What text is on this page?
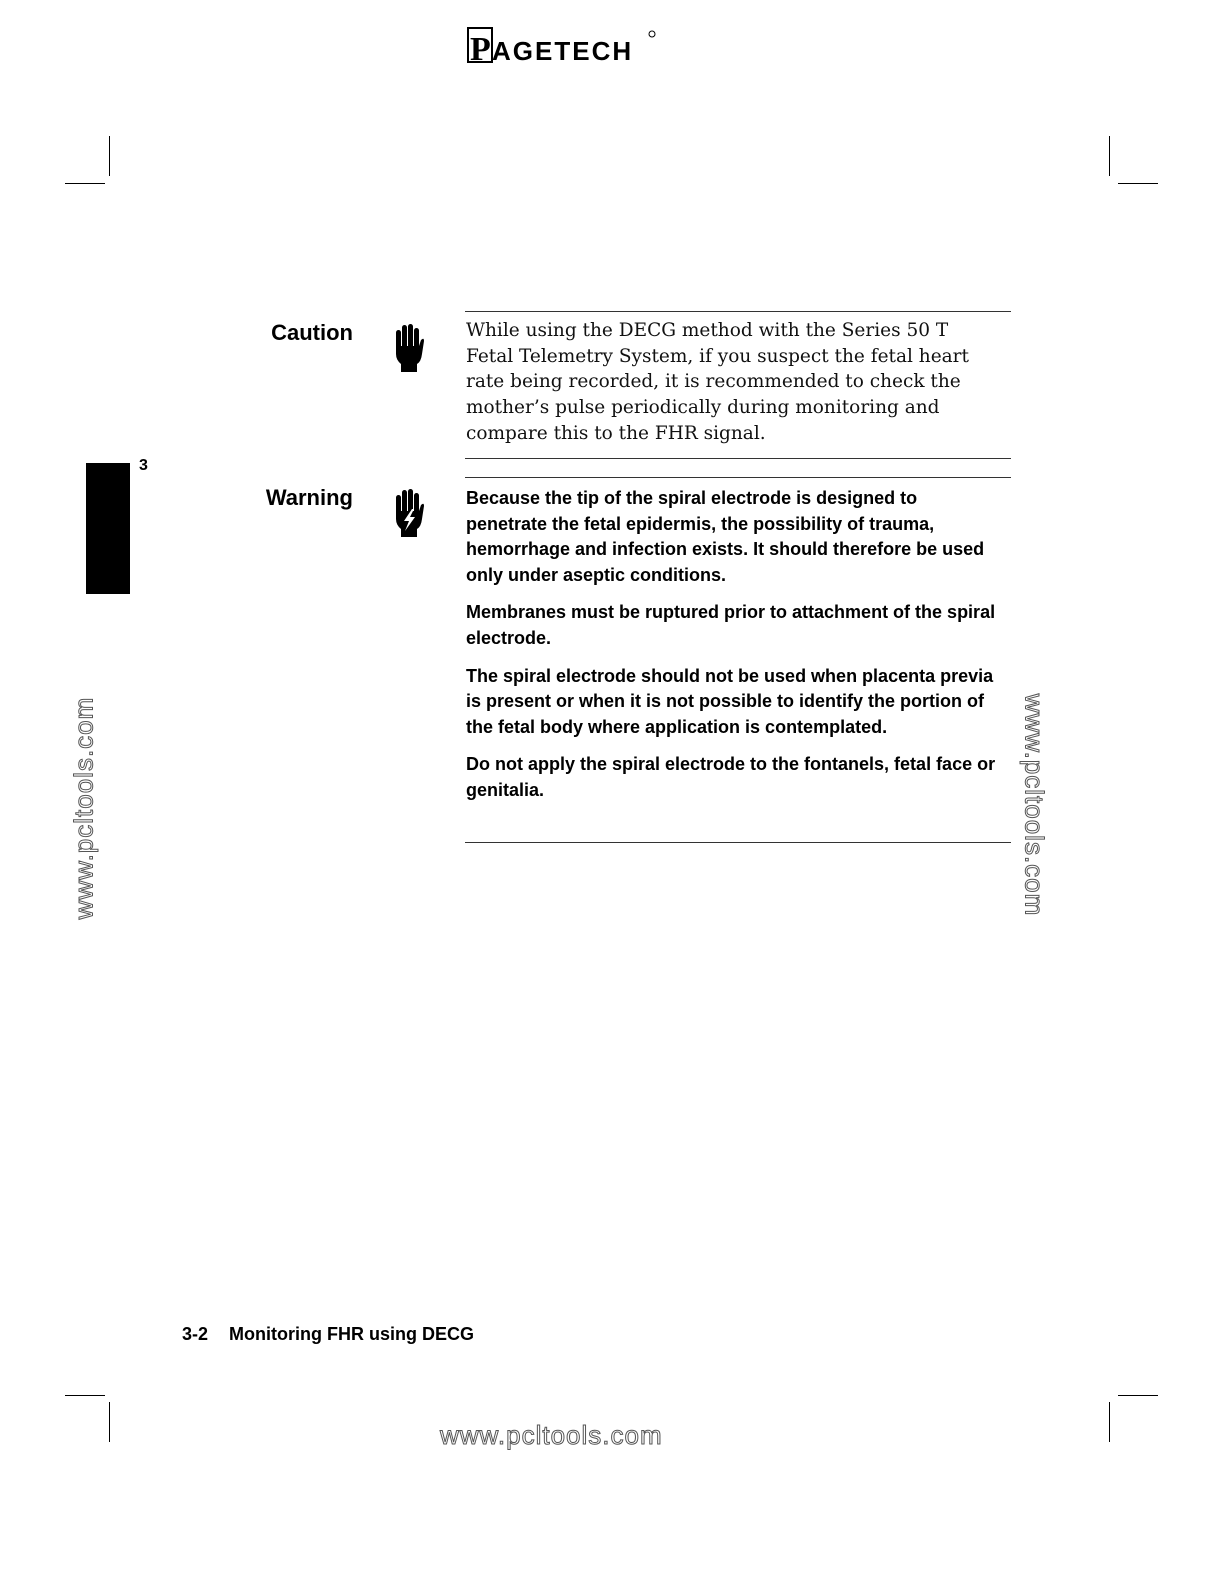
P AGETECH
3
Caution	While using the DECG method with the Series 50 T Fetal Telemetry System, if you suspect the fetal heart rate being recorded, it is recommended to check the mother’s pulse periodically during monitoring and compare this to the FHR signal.

Warning	Because the tip of the spiral electrode is designed to penetrate the fetal epidermis, the possibility of trauma, hemorrhage and infection exists. It should therefore be used only under aseptic conditions.

Membranes must be ruptured prior to attachment of the spiral electrode.

The spiral electrode should not be used when placenta previa is present or when it is not possible to identify the portion of the fetal body where application is contemplated.

Do not apply the spiral electrode to the fontanels, fetal face or genitalia.

www.pcltools.com	www.pcltools.com
www.pcltools.com
3-2 Monitoring FHR using DECG
